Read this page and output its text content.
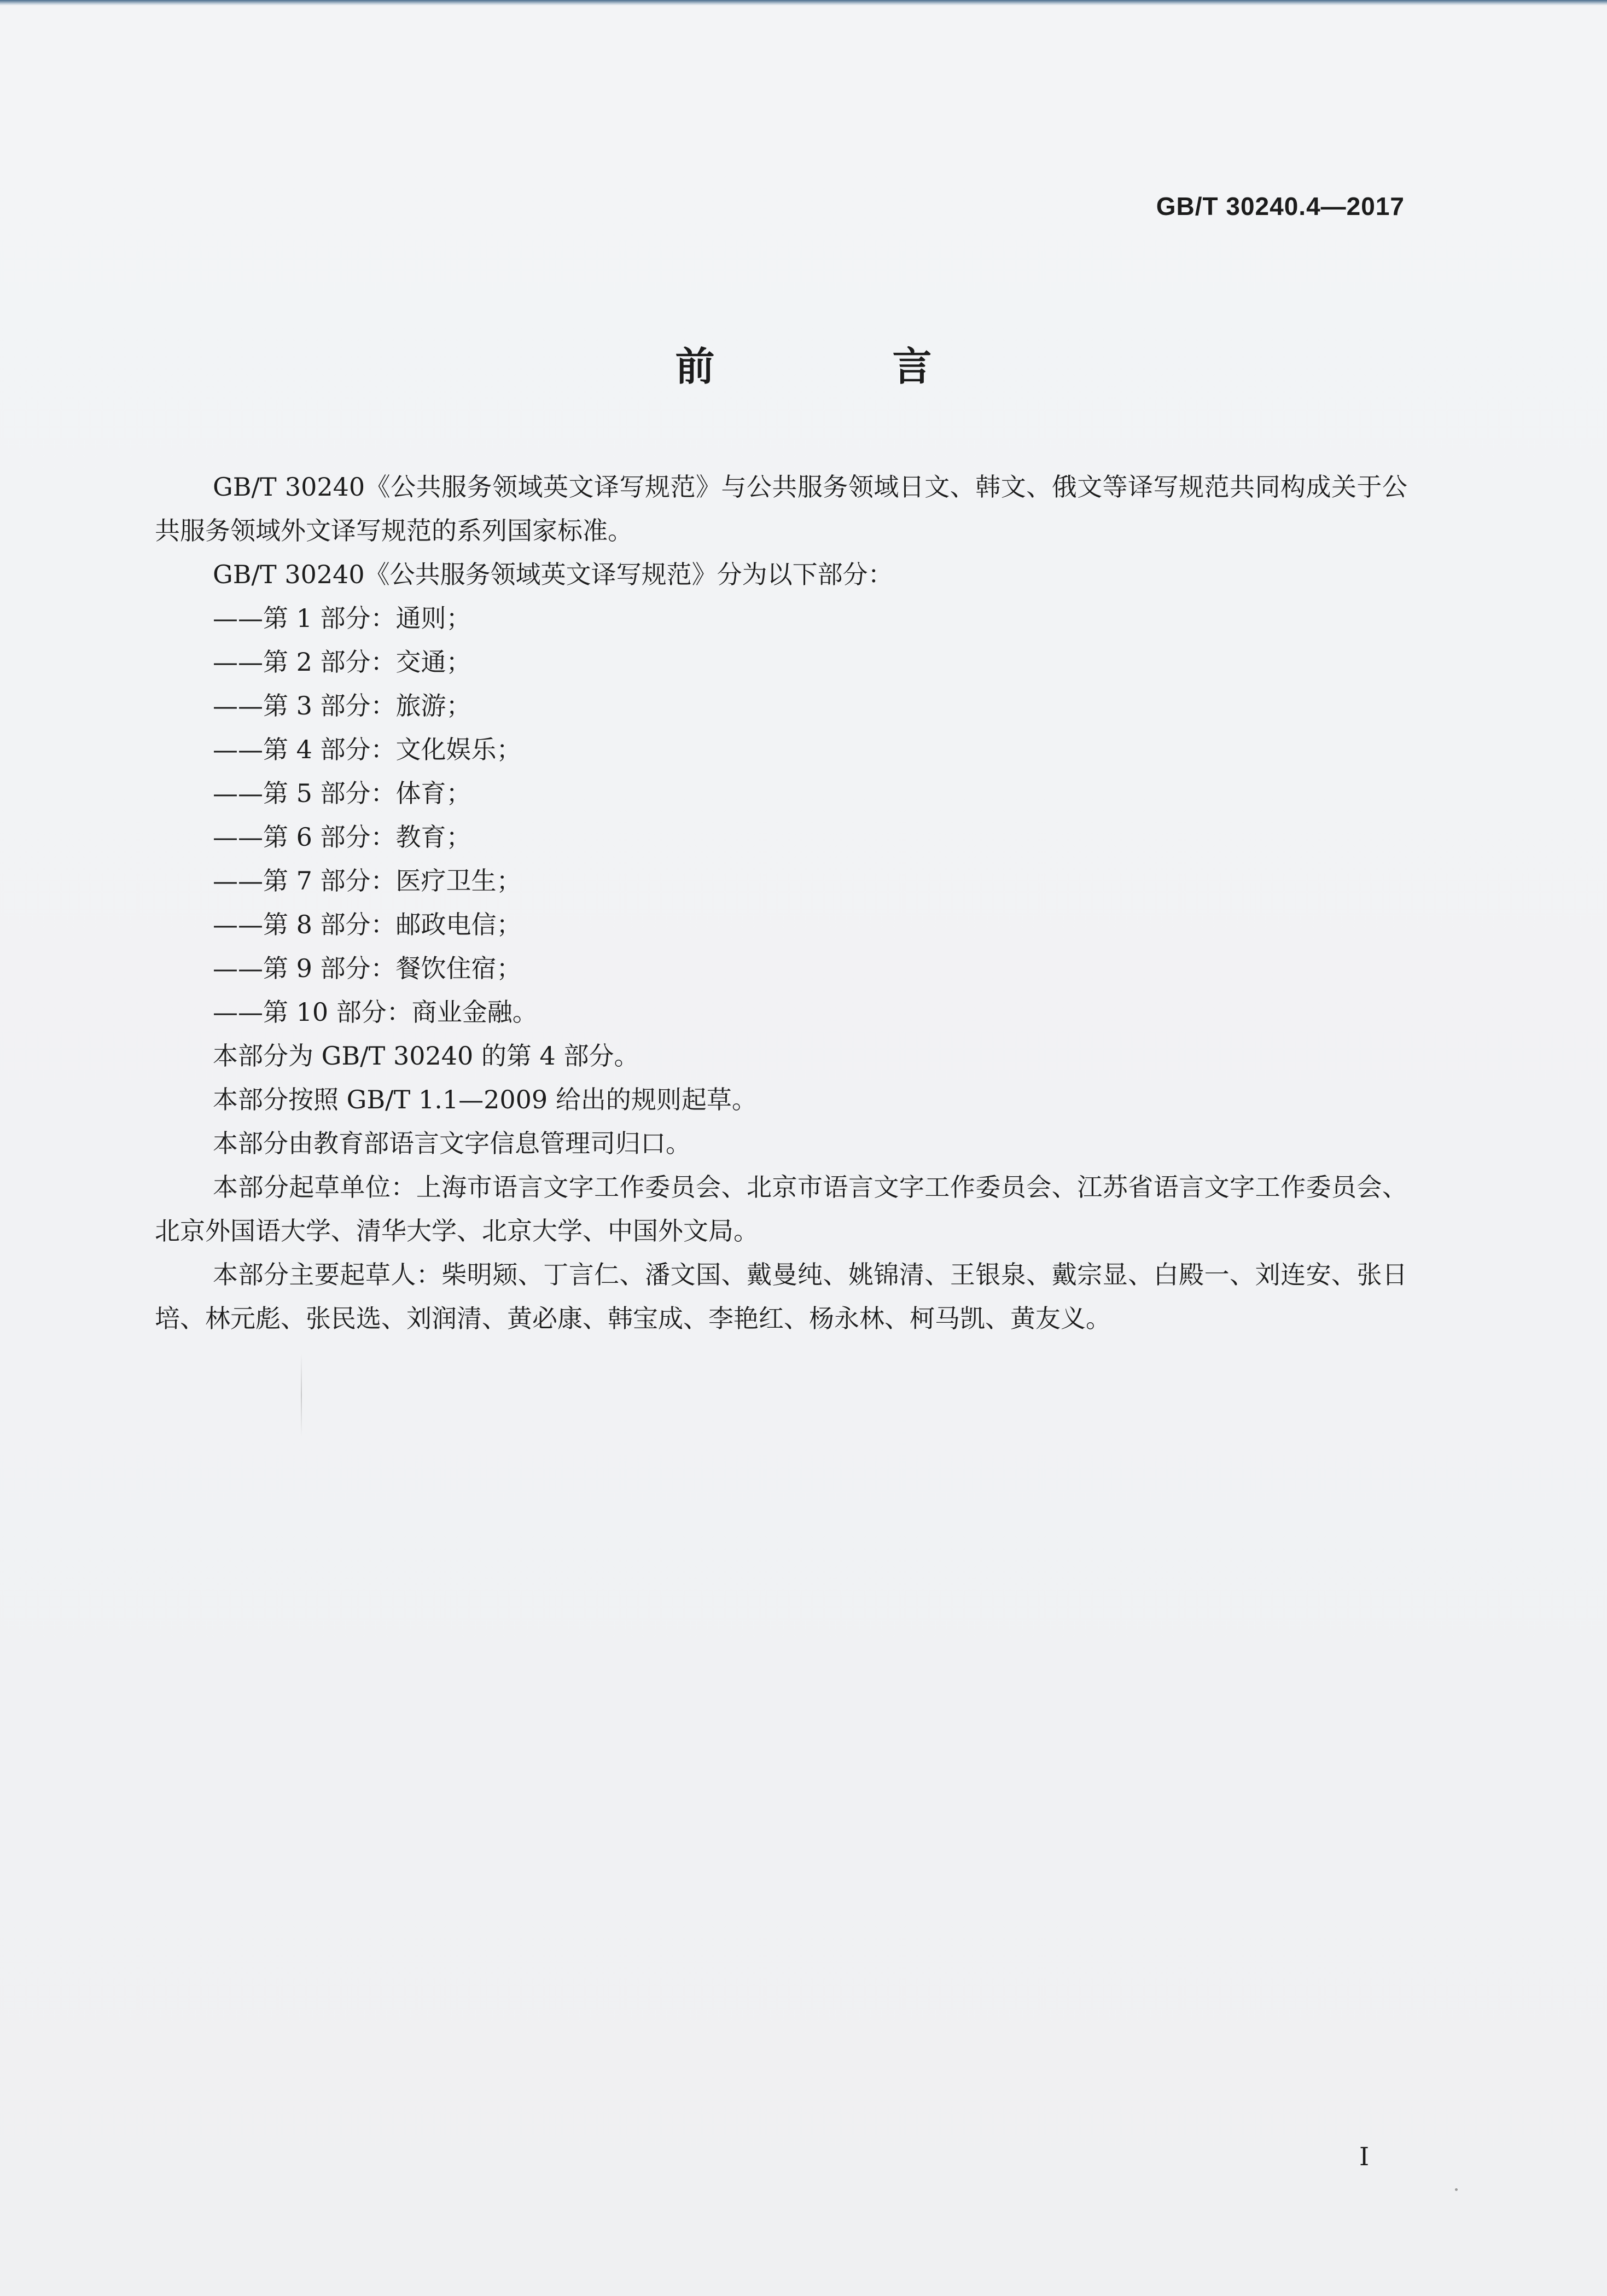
GB/T 30240.4—2017
前 言

GB/T 30240《公共服务领域英文译写规范》与公共服务领域日文、韩文、俄文等译写规范共同构成关于公共服务领域外文译写规范的系列国家标准。

GB/T 30240《公共服务领域英文译写规范》分为以下部分：

——第 1 部分：通则；

——第 2 部分：交通；

——第 3 部分：旅游；

——第 4 部分：文化娱乐；

——第 5 部分：体育；

——第 6 部分：教育；

——第 7 部分：医疗卫生；

——第 8 部分：邮政电信；

——第 9 部分：餐饮住宿；

——第 10 部分：商业金融。

本部分为 GB/T 30240 的第 4 部分。

本部分按照 GB/T 1.1—2009 给出的规则起草。

本部分由教育部语言文字信息管理司归口。

本部分起草单位：上海市语言文字工作委员会、北京市语言文字工作委员会、江苏省语言文字工作委员会、北京外国语大学、清华大学、北京大学、中国外文局。

本部分主要起草人：柴明颎、丁言仁、潘文国、戴曼纯、姚锦清、王银泉、戴宗显、白殿一、刘连安、张日培、林元彪、张民选、刘润清、黄必康、韩宝成、李艳红、杨永林、柯马凯、黄友义。

I
